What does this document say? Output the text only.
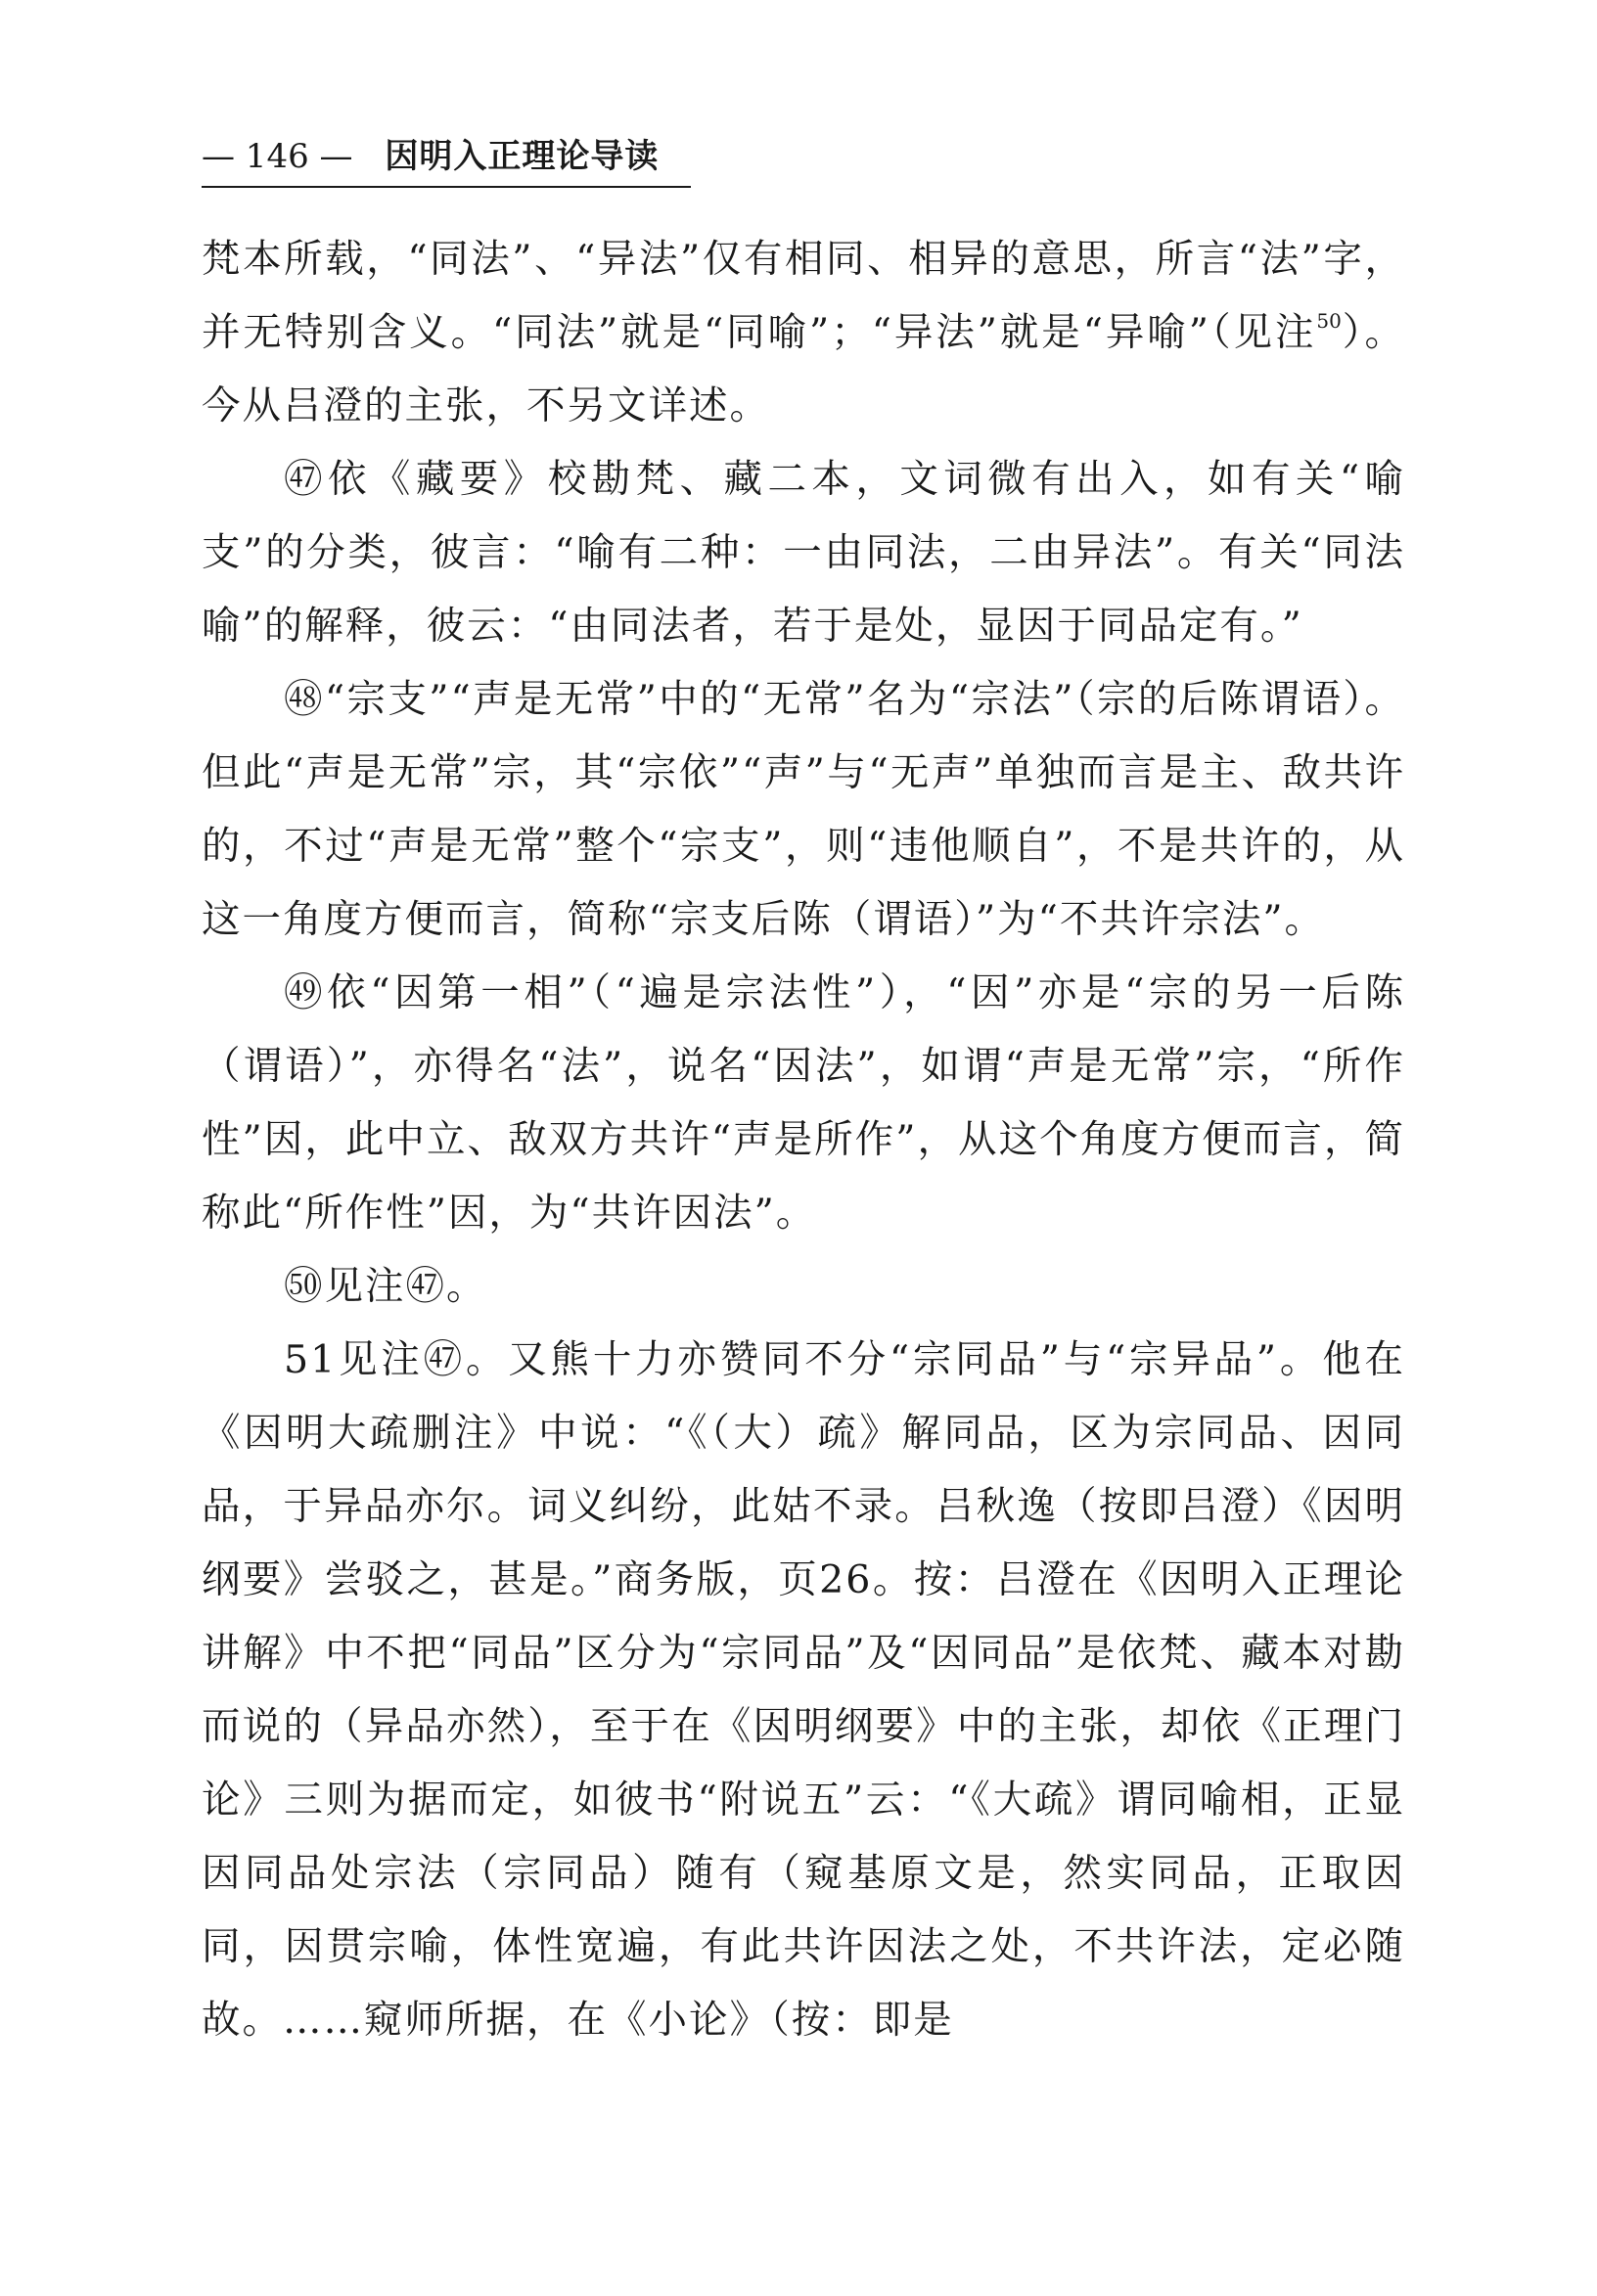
— 146 — 因明入正理论导读

梵本所载，“同法”、“异法”仅有相同、相异的意思，所言“法”字，并无特别含义。“同法”就是“同喻”；“异法”就是“异喻”（见注$^{50}$）。今从吕澄的主张，不另文详述。

㊼依《藏要》校勘梵、藏二本，文词微有出入，如有关“喻支”的分类，彼言：“喻有二种：一由同法，二由异法”。有关“同法喻”的解释，彼云：“由同法者，若于是处，显因于同品定有。”

㊽“宗支”“声是无常”中的“无常”名为“宗法”（宗的后陈谓语）。但此“声是无常”宗，其“宗依”“声”与“无声”单独而言是主、敌共许的，不过“声是无常”整个“宗支”，则“违他顺自”，不是共许的，从这一角度方便而言，简称“宗支后陈（谓语）”为“不共许宗法”。

㊾依“因第一相”（“遍是宗法性”），“因”亦是“宗的另一后陈（谓语）”，亦得名“法”，说名“因法”，如谓“声是无常”宗，“所作性”因，此中立、敌双方共许“声是所作”，从这个角度方便而言，简称此“所作性”因，为“共许因法”。

㊿见注㊼。

51见注㊼。又熊十力亦赞同不分“宗同品”与“宗异品”。他在《因明大疏删注》中说：“《（大）疏》解同品，区为宗同品、因同品，于异品亦尔。词义纠纷，此姑不录。吕秋逸（按即吕澄）《因明纲要》尝驳之，甚是。”商务版，页26。按：吕澄在《因明入正理论讲解》中不把“同品”区分为“宗同品”及“因同品”是依梵、藏本对勘而说的（异品亦然），至于在《因明纲要》中的主张，却依《正理门论》三则为据而定，如彼书“附说五”云：“《大疏》谓同喻相，正显因同品处宗法（宗同品）随有（窥基原文是，然实同品，正取因同，因贯宗喻，体性宽遍，有此共许因法之处，不共许法，定必随故。……窥师所据，在《小论》（按：即是
